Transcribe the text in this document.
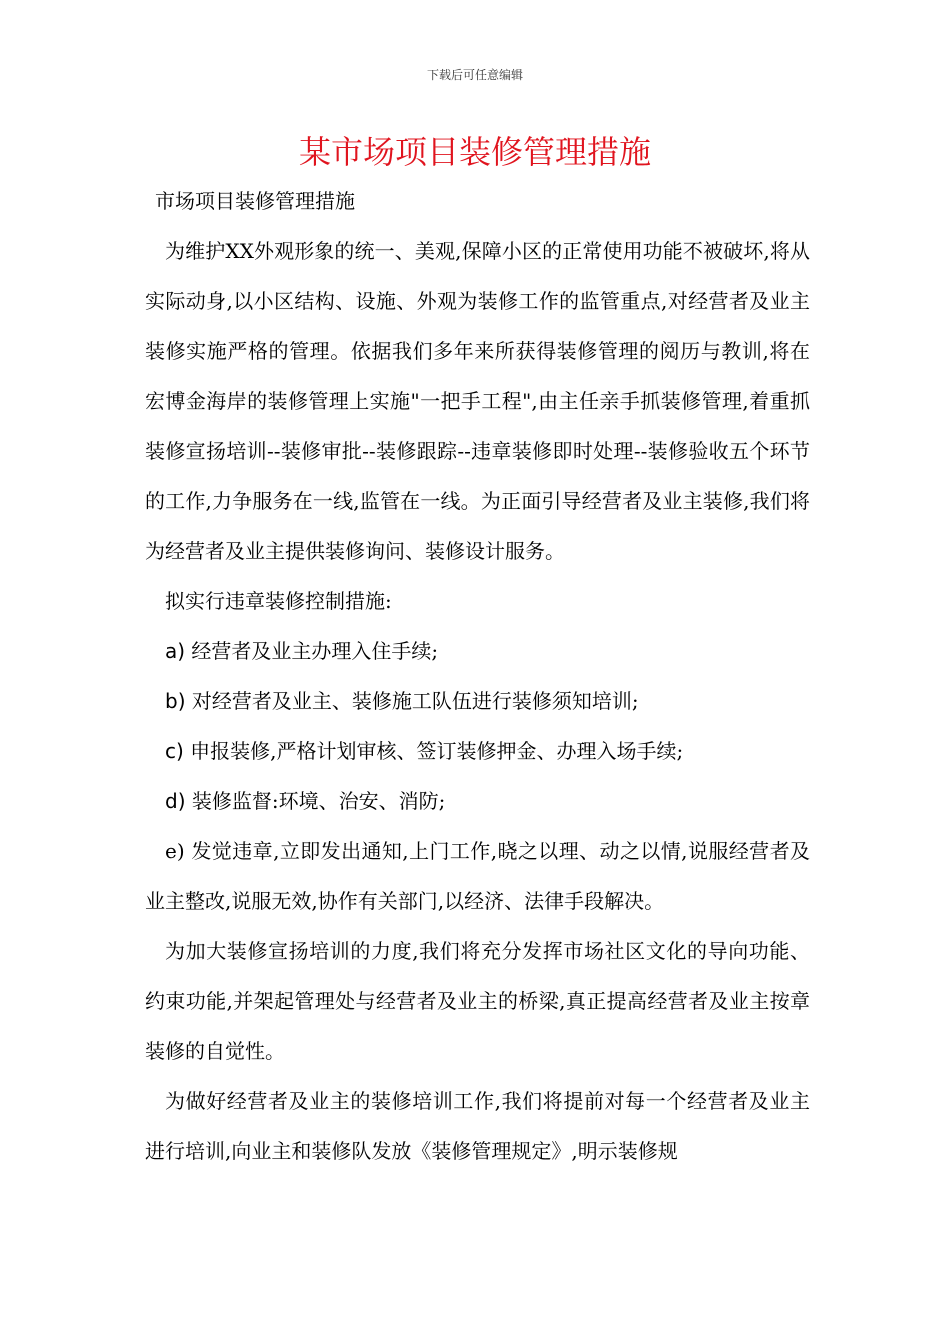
下载后可任意编辑
某市场项目装修管理措施
市场项目装修管理措施

为维护XX外观形象的统一、美观,保障小区的正常使用功能不被破坏,将从实际动身,以小区结构、设施、外观为装修工作的监管重点,对经营者及业主装修实施严格的管理。依据我们多年来所获得装修管理的阅历与教训,将在宏博金海岸的装修管理上实施"一把手工程",由主任亲手抓装修管理,着重抓装修宣扬培训--装修审批--装修跟踪--违章装修即时处理--装修验收五个环节的工作,力争服务在一线,监管在一线。为正面引导经营者及业主装修,我们将为经营者及业主提供装修询问、装修设计服务。

拟实行违章装修控制措施:

a) 经营者及业主办理入住手续;
b) 对经营者及业主、装修施工队伍进行装修须知培训;
c) 申报装修,严格计划审核、签订装修押金、办理入场手续;
d) 装修监督:环境、治安、消防;

e) 发觉违章,立即发出通知,上门工作,晓之以理、动之以情,说服经营者及业主整改,说服无效,协作有关部门,以经济、法律手段解决。

为加大装修宣扬培训的力度,我们将充分发挥市场社区文化的导向功能、约束功能,并架起管理处与经营者及业主的桥梁,真正提高经营者及业主按章装修的自觉性。

为做好经营者及业主的装修培训工作,我们将提前对每一个经营者及业主进行培训,向业主和装修队发放《装修管理规定》,明示装修规
